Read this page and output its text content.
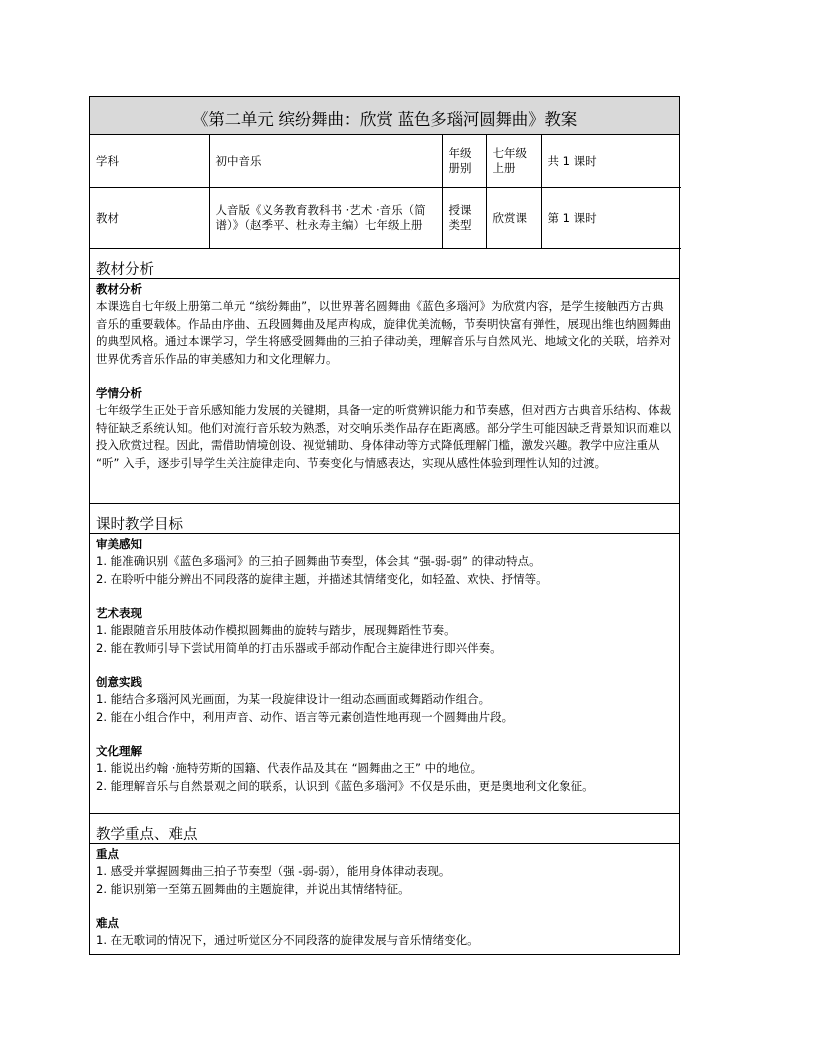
《第二单元 缤纷舞曲：欣赏 蓝色多瑙河圆舞曲》教案
学科	初中音乐	年级册别	七年级上册	共 1 课时
教材	人音版《义务教育教科书 ·艺术 ·音乐（简谱）》（赵季平、杜永寿主编）七年级上册	授课类型	欣赏课	第 1 课时
教材分析
教材分析
本课选自七年级上册第二单元 “缤纷舞曲”，以世界著名圆舞曲《蓝色多瑙河》为欣赏内容，是学生接触西方古典音乐的重要载体。作品由序曲、五段圆舞曲及尾声构成，旋律优美流畅，节奏明快富有弹性，展现出维也纳圆舞曲的典型风格。通过本课学习，学生将感受圆舞曲的三拍子律动美，理解音乐与自然风光、地域文化的关联，培养对世界优秀音乐作品的审美感知力和文化理解力。
学情分析
七年级学生正处于音乐感知能力发展的关键期，具备一定的听赏辨识能力和节奏感，但对西方古典音乐结构、体裁特征缺乏系统认知。他们对流行音乐较为熟悉，对交响乐类作品存在距离感。部分学生可能因缺乏背景知识而难以投入欣赏过程。因此，需借助情境创设、视觉辅助、身体律动等方式降低理解门槛，激发兴趣。教学中应注重从 “听” 入手，逐步引导学生关注旋律走向、节奏变化与情感表达，实现从感性体验到理性认知的过渡。
课时教学目标
审美感知
1. 能准确识别《蓝色多瑙河》的三拍子圆舞曲节奏型，体会其 “强-弱-弱” 的律动特点。
2. 在聆听中能分辨出不同段落的旋律主题，并描述其情绪变化，如轻盈、欢快、抒情等。
艺术表现
1. 能跟随音乐用肢体动作模拟圆舞曲的旋转与踏步，展现舞蹈性节奏。
2. 能在教师引导下尝试用简单的打击乐器或手部动作配合主旋律进行即兴伴奏。
创意实践
1. 能结合多瑙河风光画面，为某一段旋律设计一组动态画面或舞蹈动作组合。
2. 能在小组合作中，利用声音、动作、语言等元素创造性地再现一个圆舞曲片段。
文化理解
1. 能说出约翰 ·施特劳斯的国籍、代表作品及其在 “圆舞曲之王” 中的地位。
2. 能理解音乐与自然景观之间的联系，认识到《蓝色多瑙河》不仅是乐曲，更是奥地利文化象征。
教学重点、难点
重点
1. 感受并掌握圆舞曲三拍子节奏型（强 -弱-弱），能用身体律动表现。
2. 能识别第一至第五圆舞曲的主题旋律，并说出其情绪特征。
难点
1. 在无歌词的情况下，通过听觉区分不同段落的旋律发展与音乐情绪变化。
